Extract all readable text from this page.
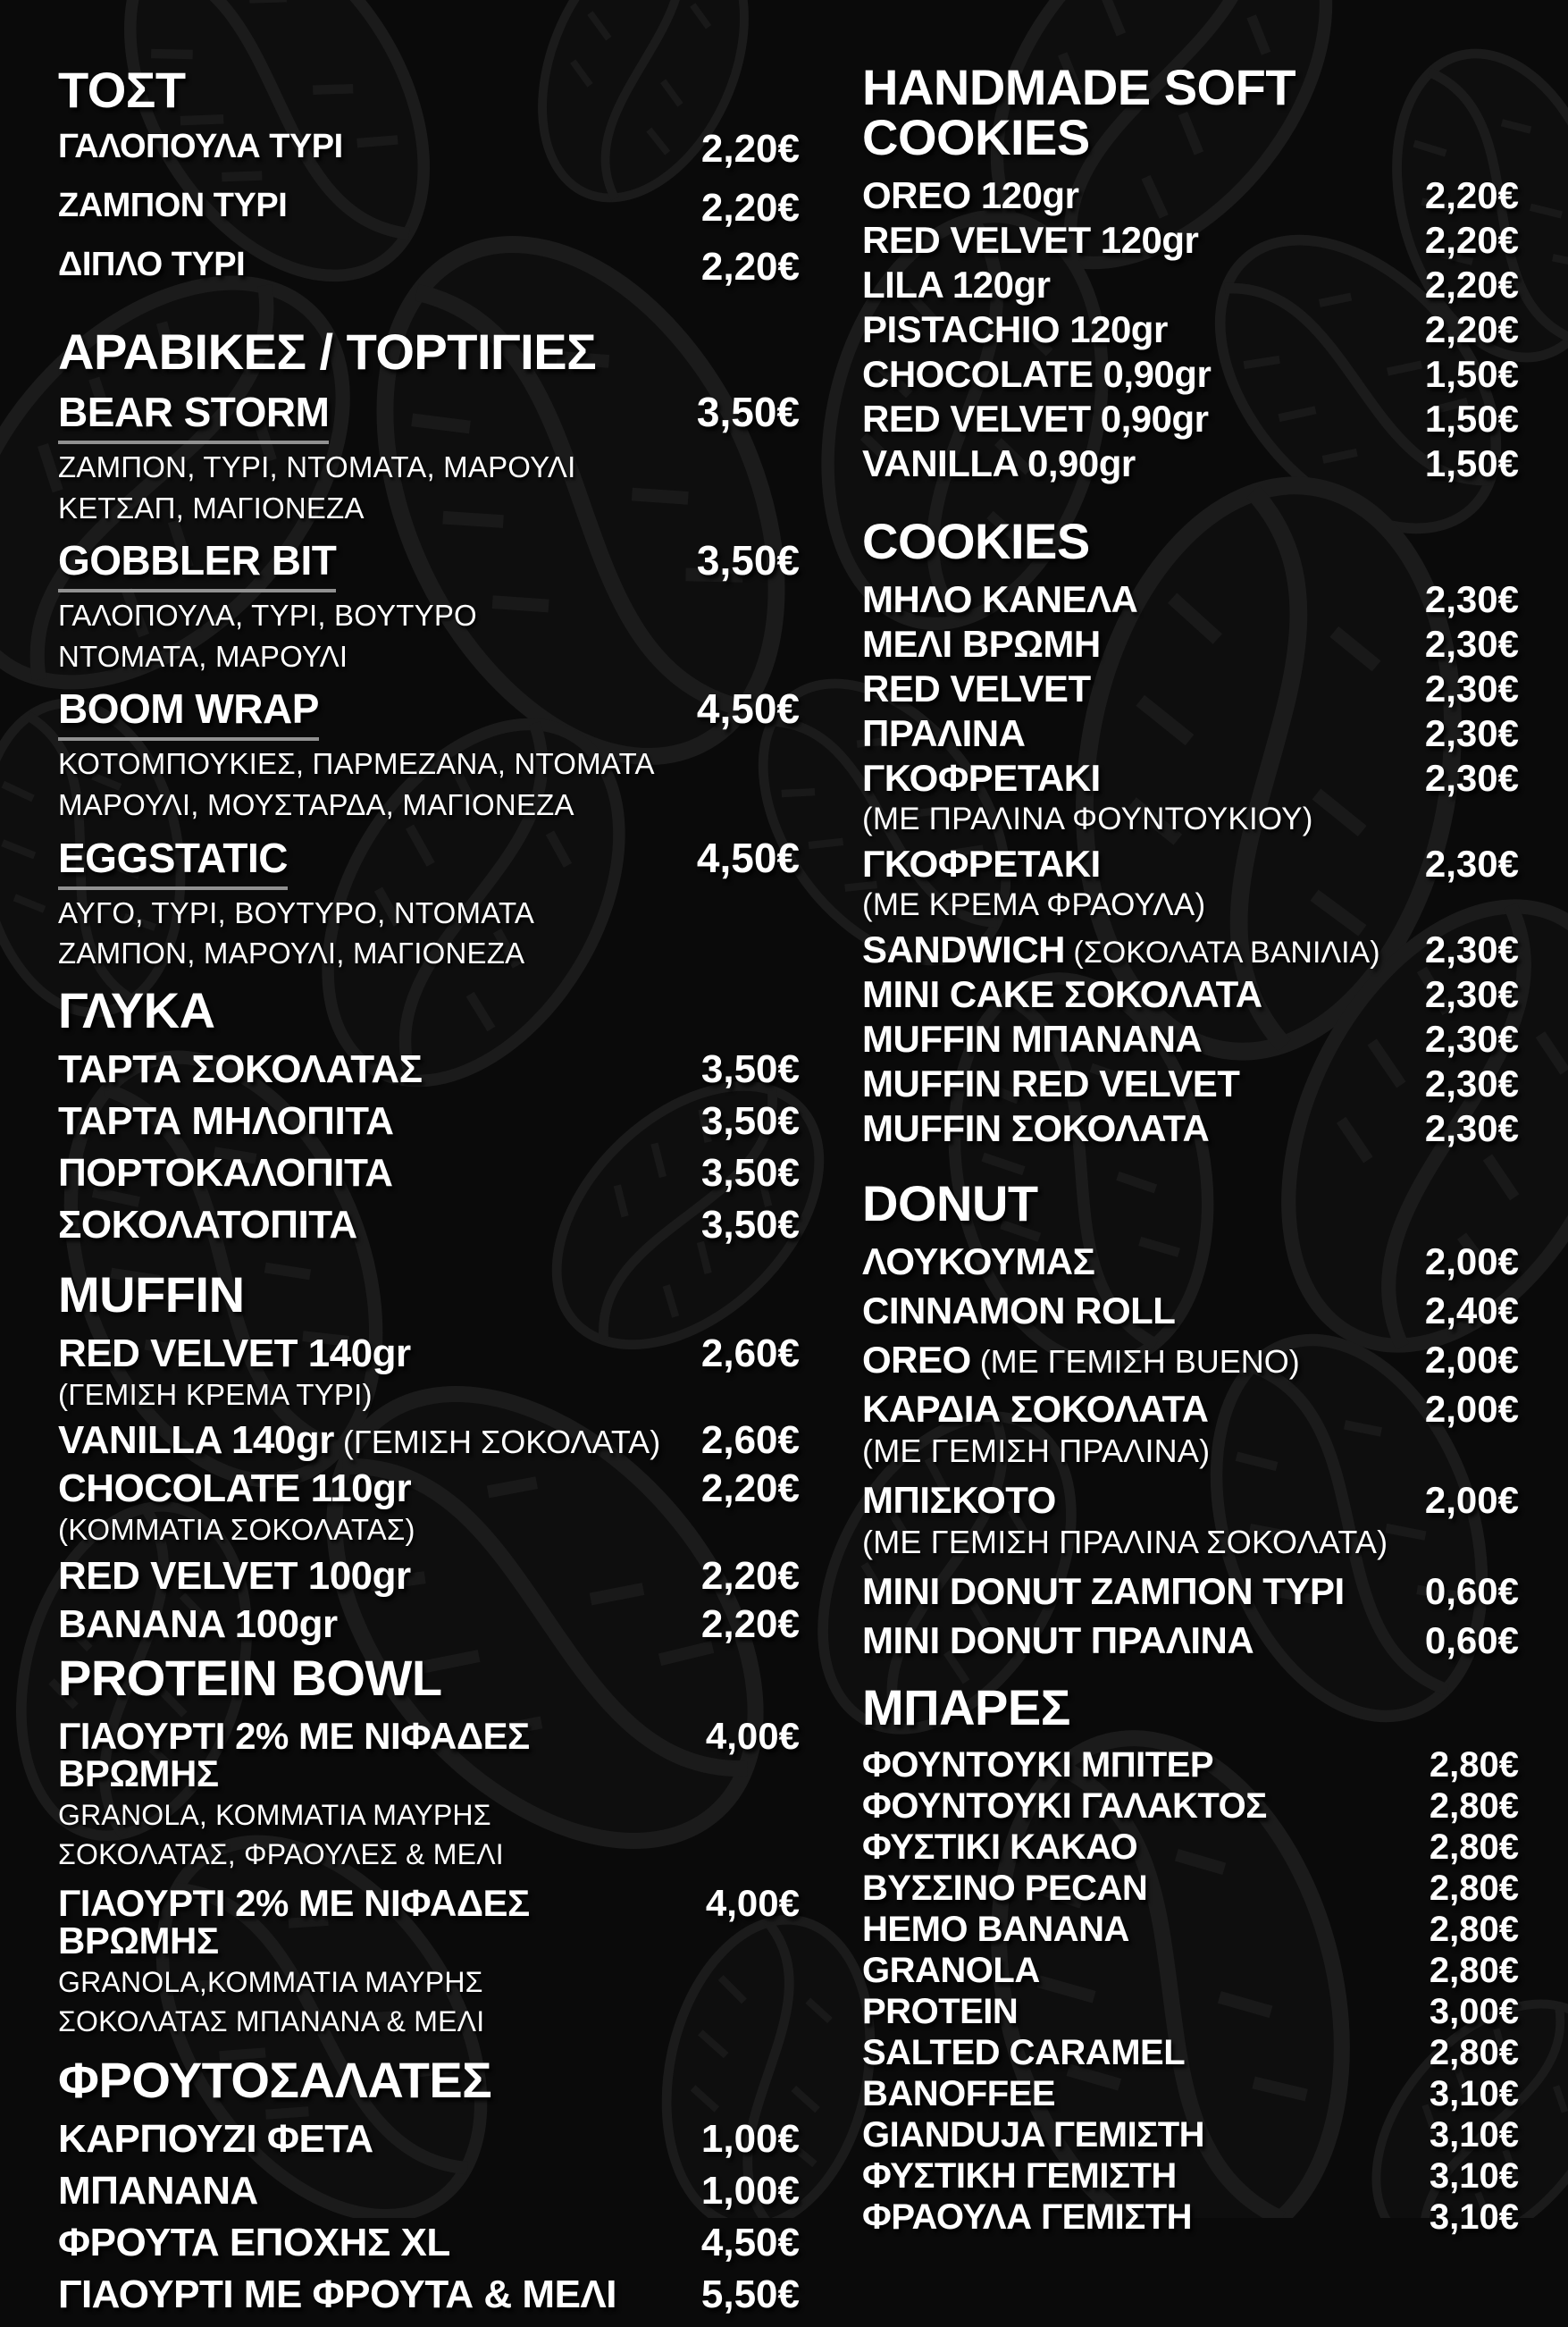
ΤΟΣΤ
ΓΑΛΟΠΟΥΛΑ ΤΥΡΙ	2,20€
ΖΑΜΠΟΝ ΤΥΡΙ	2,20€
ΔΙΠΛΟ ΤΥΡΙ	2,20€
ΑΡΑΒΙΚΕΣ / ΤΟΡΤΙΓΙΕΣ
BEAR STORM	3,50€
ΖΑΜΠΟΝ, ΤΥΡΙ, ΝΤΟΜΑΤΑ, ΜΑΡΟΥΛΙ
ΚΕΤΣΑΠ, ΜΑΓΙΟΝΕΖΑ
GOBBLER BIT	3,50€
ΓΑΛΟΠΟΥΛΑ, ΤΥΡΙ, ΒΟΥΤΥΡΟ
ΝΤΟΜΑΤΑ, ΜΑΡΟΥΛΙ
BOOM WRAP	4,50€
ΚΟΤΟΜΠΟΥΚΙΕΣ, ΠΑΡΜΕΖΑΝΑ, ΝΤΟΜΑΤΑ
ΜΑΡΟΥΛΙ, ΜΟΥΣΤΑΡΔΑ, ΜΑΓΙΟΝΕΖΑ
EGGSTATIC	4,50€
ΑΥΓΟ, ΤΥΡΙ, ΒΟΥΤΥΡΟ, ΝΤΟΜΑΤΑ
ΖΑΜΠΟΝ, ΜΑΡΟΥΛΙ, ΜΑΓΙΟΝΕΖΑ
ΓΛΥΚΑ
ΤΑΡΤΑ ΣΟΚΟΛΑΤΑΣ	3,50€
ΤΑΡΤΑ ΜΗΛΟΠΙΤΑ	3,50€
ΠΟΡΤΟΚΑΛΟΠΙΤΑ	3,50€
ΣΟΚΟΛΑΤΟΠΙΤΑ	3,50€
MUFFIN
RED VELVET 140gr	2,60€
(ΓΕΜΙΣΗ ΚΡΕΜΑ ΤΥΡΙ)
VANILLA 140gr (ΓΕΜΙΣΗ ΣΟΚΟΛΑΤΑ) 2,60€
CHOCOLATE 110gr	2,20€
(ΚΟΜΜΑΤΙΑ ΣΟΚΟΛΑΤΑΣ)
RED VELVET 100gr	2,20€
BANANA 100gr	2,20€
PROTEIN BOWL
ΓΙΑΟΥΡΤΙ 2% ΜΕ ΝΙΦΑΔΕΣ ΒΡΩΜΗΣ
4,00€
GRANOLA, ΚΟΜΜΑΤΙΑ ΜΑΥΡΗΣ
ΣΟΚΟΛΑΤΑΣ, ΦΡΑΟΥΛΕΣ & ΜΕΛΙ
ΓΙΑΟΥΡΤΙ 2% ΜΕ ΝΙΦΑΔΕΣ ΒΡΩΜΗΣ
4,00€
GRANOLA,ΚΟΜΜΑΤΙΑ ΜΑΥΡΗΣ
ΣΟΚΟΛΑΤΑΣ ΜΠΑΝΑΝΑ & ΜΕΛΙ
ΦΡΟΥΤΟΣΑΛΑΤΕΣ
ΚΑΡΠΟΥΖΙ ΦΕΤΑ	1,00€
ΜΠΑΝΑΝΑ	1,00€
ΦΡΟΥΤΑ ΕΠΟΧΗΣ XL	4,50€
ΓΙΑΟΥΡΤΙ ΜΕ ΦΡΟΥΤΑ & ΜΕΛΙ 5,50€
HANDMADE SOFT COOKIES
OREO 120gr	2,20€
RED VELVET 120gr	2,20€
LILA 120gr	2,20€
PISTACHIO 120gr	2,20€
CHOCOLATE 0,90gr	1,50€
RED VELVET 0,90gr	1,50€
VANILLA 0,90gr	1,50€
COOKIES
ΜΗΛΟ ΚΑΝΕΛΑ	2,30€
ΜΕΛΙ ΒΡΩΜΗ	2,30€
RED VELVET	2,30€
ΠΡΑΛΙΝΑ	2,30€
ΓΚΟΦΡΕΤΑΚΙ	2,30€
(ΜΕ ΠΡΑΛΙΝΑ ΦΟΥΝΤΟΥΚΙΟΥ)
ΓΚΟΦΡΕΤΑΚΙ	2,30€
(ΜΕ ΚΡΕΜΑ ΦΡΑΟΥΛΑ)
SANDWICH (ΣΟΚΟΛΑΤΑ ΒΑΝΙΛΙΑ) 2,30€
MINI CAKE ΣΟΚΟΛΑΤΑ	2,30€
MUFFIN ΜΠΑΝΑΝΑ	2,30€
MUFFIN RED VELVET	2,30€
MUFFIN ΣΟΚΟΛΑΤΑ	2,30€
DONUT
ΛΟΥΚΟΥΜΑΣ	2,00€
CINNAMON ROLL	2,40€
OREO (ΜΕ ΓΕΜΙΣΗ BUENO)	2,00€
ΚΑΡΔΙΑ ΣΟΚΟΛΑΤΑ	2,00€
(ΜΕ ΓΕΜΙΣΗ ΠΡΑΛΙΝΑ)
ΜΠΙΣΚΟΤΟ	2,00€
(ΜΕ ΓΕΜΙΣΗ ΠΡΑΛΙΝΑ ΣΟΚΟΛΑΤΑ)
MINI DONUT ΖΑΜΠΟΝ ΤΥΡΙ 0,60€
MINI DONUT ΠΡΑΛΙΝΑ	0,60€
ΜΠΑΡΕΣ
ΦΟΥΝΤΟΥΚΙ ΜΠΙΤΕΡ	2,80€
ΦΟΥΝΤΟΥΚΙ ΓΑΛΑΚΤΟΣ	2,80€
ΦΥΣΤΙΚΙ ΚΑΚΑΟ	2,80€
ΒΥΣΣΙΝΟ PECAN	2,80€
HEMO BANANA	2,80€
GRANOLA	2,80€
PROTEIN	3,00€
SALTED CARAMEL	2,80€
BANOFFEE	3,10€
GIANDUJA ΓΕΜΙΣΤΗ	3,10€
ΦΥΣΤΙΚΗ ΓΕΜΙΣΤΗ	3,10€
ΦΡΑΟΥΛΑ ΓΕΜΙΣΤΗ	3,10€
